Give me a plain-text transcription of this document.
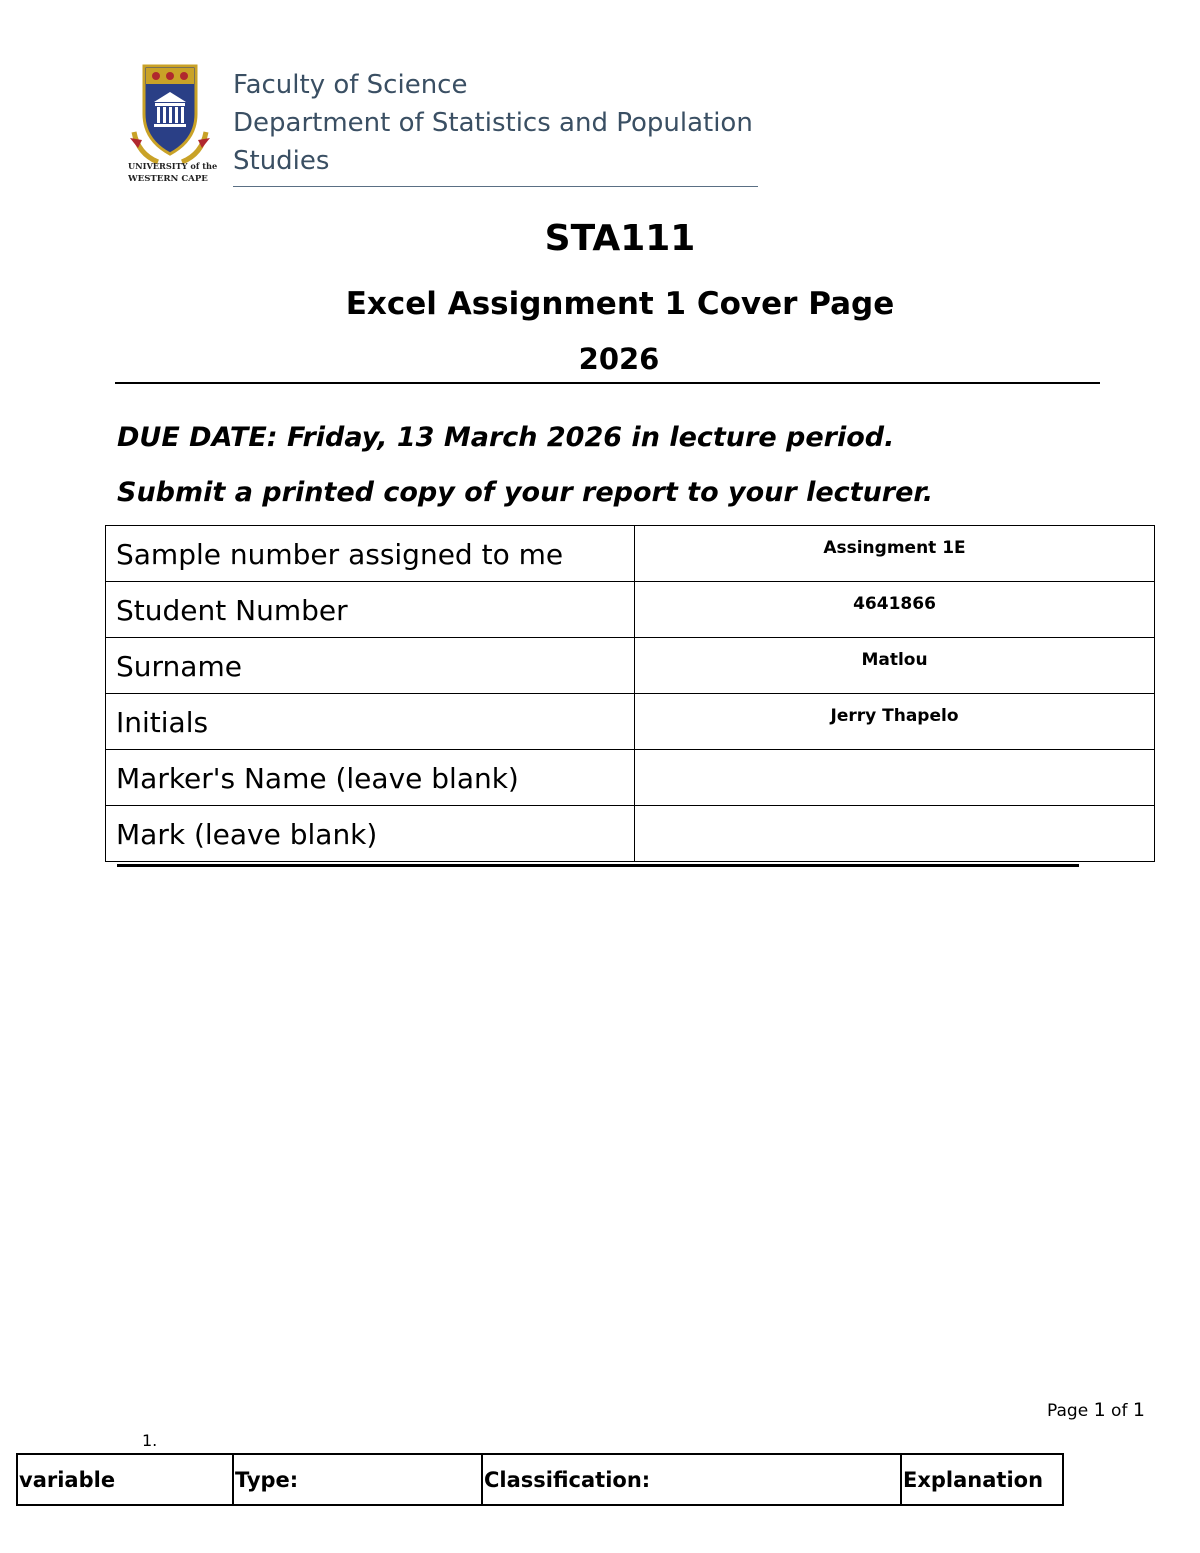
UNIVERSITY of the
WESTERN CAPE
Faculty of Science
Department of Statistics and Population
Studies
STA111
Excel Assignment 1 Cover Page
2026
DUE DATE: Friday, 13 March 2026 in lecture period.
Submit a printed copy of your report to your lecturer.
Sample number assigned to me	Assingment 1E
Student Number	4641866
Surname	Matlou
Initials	Jerry Thapelo
Marker's Name (leave blank)	
Mark (leave blank)	
Page 1 of 1
1.
variable	Type:	Classification:	Explanation
